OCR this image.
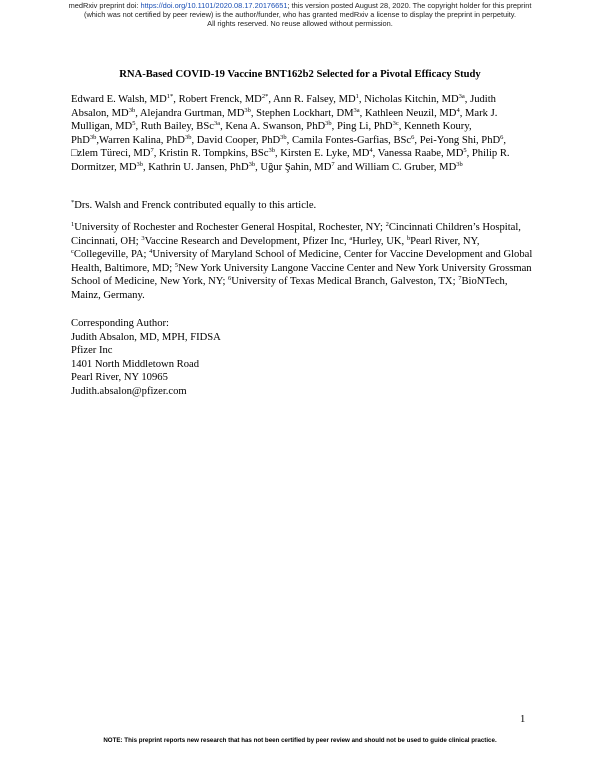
medRxiv preprint doi: https://doi.org/10.1101/2020.08.17.20176651; this version posted August 28, 2020. The copyright holder for this preprint
(which was not certified by peer review) is the author/funder, who has granted medRxiv a license to display the preprint in perpetuity.
All rights reserved. No reuse allowed without permission.
RNA-Based COVID-19 Vaccine BNT162b2 Selected for a Pivotal Efficacy Study
Edward E. Walsh, $MD^{1*}$, Robert Frenck, $MD^{2*}$, Ann R. Falsey, $MD^1$, Nicholas Kitchin, $MD^{3a}$, Judith Absalon, $MD^{3b}$, Alejandra Gurtman, $MD^{3b}$, Stephen Lockhart, $DM^{3a}$, Kathleen Neuzil, $MD^4$, Mark J. Mulligan, $MD^5$, Ruth Bailey, BSc$^{3a}$, Kena A. Swanson, PhD$^{3b}$, Ping Li, PhD$^{3c}$, Kenneth Koury, PhD$^{3b}$,Warren Kalina, PhD$^{3b}$, David Cooper, PhD$^{3b}$, Camila Fontes-Garfias, BSc$^6$, Pei-Yong Shi, PhD$^6$, □zlem Türeci, $MD^7$, Kristin R. Tompkins, BSc$^{3b}$, Kirsten E. Lyke, $MD^4$, Vanessa Raabe, $MD^5$, Philip R. Dormitzer, $MD^{3b}$, Kathrin U. Jansen, PhD$^{3b}$, Uğur Şahin, $MD^7$ and William C. Gruber, $MD^{3b}$
*Drs. Walsh and Frenck contributed equally to this article.
$^1$University of Rochester and Rochester General Hospital, Rochester, NY; $^2$Cincinnati Children’s Hospital, Cincinnati, OH; $^3$Vaccine Research and Development, Pfizer Inc, $^a$Hurley, UK, $^b$Pearl River, NY, $^c$Collegeville, PA; $^4$University of Maryland School of Medicine, Center for Vaccine Development and Global Health, Baltimore, MD; $^5$New York University Langone Vaccine Center and New York University Grossman School of Medicine, New York, NY; $^6$University of Texas Medical Branch, Galveston, TX; $^7$BioNTech, Mainz, Germany.
Corresponding Author:
Judith Absalon, MD, MPH, FIDSA
Pfizer Inc
1401 North Middletown Road
Pearl River, NY 10965
Judith.absalon@pfizer.com
1
NOTE: This preprint reports new research that has not been certified by peer review and should not be used to guide clinical practice.
